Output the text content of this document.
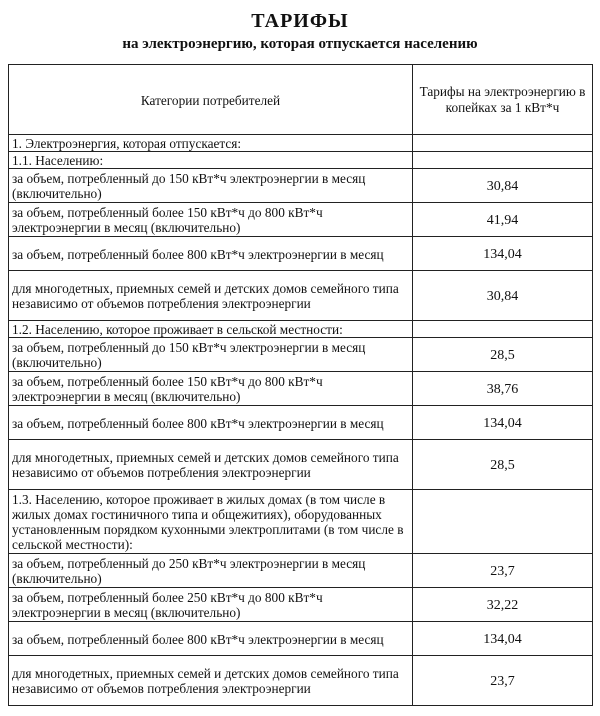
ТАРИФЫ
на электроэнергию, которая отпускается населению
Категории потребителей	Тарифы на электроэнергию в копейках за 1 кВт*ч
1. Электроэнергия, которая отпускается:	
1.1. Населению:	
за объем, потребленный до 150 кВт*ч электроэнергии в месяц (включительно)	30,84
за объем, потребленный более 150 кВт*ч до 800 кВт*ч электроэнергии в месяц (включительно)	41,94
за объем, потребленный более 800 кВт*ч электроэнергии в месяц	134,04
для многодетных, приемных семей и детских домов семейного типа независимо от объемов потребления электроэнергии	30,84
1.2. Населению, которое проживает в сельской местности:	
за объем, потребленный до 150 кВт*ч электроэнергии в месяц (включительно)	28,5
за объем, потребленный более 150 кВт*ч до 800 кВт*ч электроэнергии в месяц (включительно)	38,76
за объем, потребленный более 800 кВт*ч электроэнергии в месяц	134,04
для многодетных, приемных семей и детских домов семейного типа независимо от объемов потребления электроэнергии	28,5
1.3. Населению, которое проживает в жилых домах (в том числе в жилых домах гостиничного типа и общежитиях), оборудованных установленным порядком кухонными электроплитами (в том числе в сельской местности):	
за объем, потребленный до 250 кВт*ч электроэнергии в месяц (включительно)	23,7
за объем, потребленный более 250 кВт*ч до 800 кВт*ч электроэнергии в месяц (включительно)	32,22
за объем, потребленный более 800 кВт*ч электроэнергии в месяц	134,04
для многодетных, приемных семей и детских домов семейного типа независимо от объемов потребления электроэнергии	23,7
